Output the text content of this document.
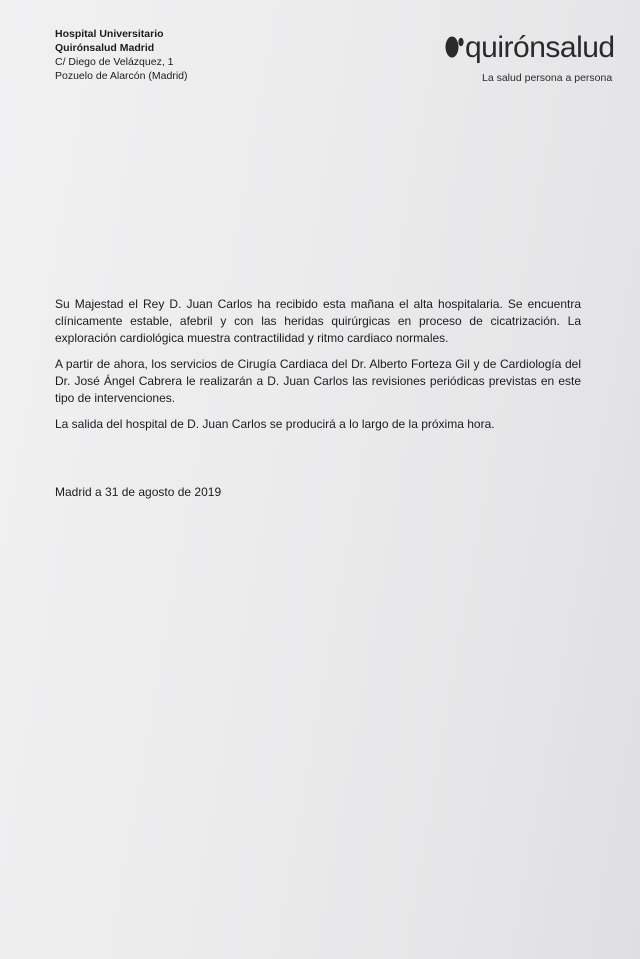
Hospital Universitario
Quirónsalud Madrid
C/ Diego de Velázquez, 1
Pozuelo de Alarcón (Madrid)
quirónsalud
La salud persona a persona

Su Majestad el Rey D. Juan Carlos ha recibido esta mañana el alta hospitalaria. Se encuentra clínicamente estable, afebril y con las heridas quirúrgicas en proceso de cicatrización. La exploración cardiológica muestra contractilidad y ritmo cardiaco normales.

A partir de ahora, los servicios de Cirugía Cardiaca del Dr. Alberto Forteza Gil y de Cardiología del Dr. José Ángel Cabrera le realizarán a D. Juan Carlos las revisiones periódicas previstas en este tipo de intervenciones.

La salida del hospital de D. Juan Carlos se producirá a lo largo de la próxima hora.

Madrid a 31 de agosto de 2019
